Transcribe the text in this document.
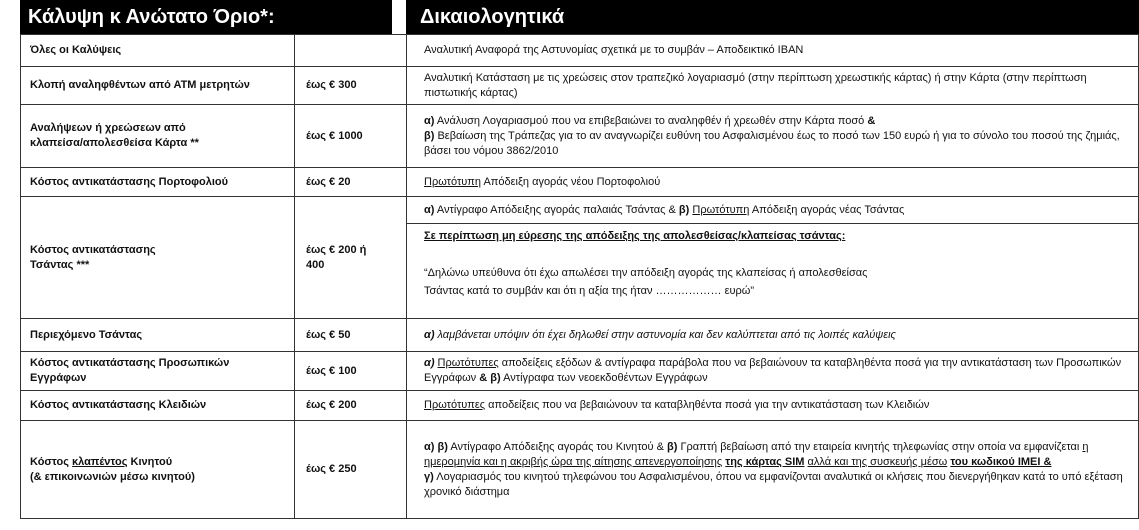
Κάλυψη κ Ανώτατο Όριο*:	Δικαιολογητικά
Όλες οι Καλύψεις		Αναλυτική Αναφορά της Αστυνομίας σχετικά με το συμβάν – Αποδεικτικό IBAN
Κλοπή αναληφθέντων από ΑΤΜ μετρητών	έως € 300	Αναλυτική Κατάσταση με τις χρεώσεις στον τραπεζικό λογαριασμό (στην περίπτωση χρεωστικής κάρτας) ή στην Κάρτα (στην περίπτωση πιστωτικής κάρτας)
Αναλήψεων ή χρεώσεων από κλαπείσα/απολεσθείσα Κάρτα **	έως € 1000	α) Ανάλυση Λογαριασμού που να επιβεβαιώνει το αναληφθέν ή χρεωθέν στην Κάρτα ποσό &
β) Βεβαίωση της Τράπεζας για το αν αναγνωρίζει ευθύνη του Ασφαλισμένου έως το ποσό των 150 ευρώ ή για το σύνολο του ποσού της ζημιάς, βάσει του νόμου 3862/2010
Κόστος αντικατάστασης Πορτοφολιού	έως € 20	Πρωτότυπη Απόδειξη αγοράς νέου Πορτοφολιού
Κόστος αντικατάστασης Τσάντας ***	έως € 200 ή 400	α) Αντίγραφο Απόδειξης αγοράς παλαιάς Τσάντας & β) Πρωτότυπη Απόδειξη αγοράς νέας Τσάντας
Σε περίπτωση μη εύρεσης της απόδειξης της απολεσθείσας/κλαπείσας τσάντας:
“Δηλώνω υπεύθυνα ότι έχω απωλέσει την απόδειξη αγοράς της κλαπείσας ή απολεσθείσας
Τσάντας κατά το συμβάν και ότι η αξία της ήταν ……………… ευρώ”

Περιεχόμενο Τσάντας	έως € 50	α) λαμβάνεται υπόψιν ότι έχει δηλωθεί στην αστυνομία και δεν καλύπτεται από τις λοιπές καλύψεις
Κόστος αντικατάστασης Προσωπικών Εγγράφων	έως € 100	α) Πρωτότυπες αποδείξεις εξόδων & αντίγραφα παράβολα που να βεβαιώνουν τα καταβληθέντα ποσά για την αντικατάσταση των Προσωπικών Εγγράφων & β) Αντίγραφα των νεοεκδοθέντων Εγγράφων
Κόστος αντικατάστασης Κλειδιών	έως € 200	Πρωτότυπες αποδείξεις που να βεβαιώνουν τα καταβληθέντα ποσά για την αντικατάσταση των Κλειδιών
Κόστος κλαπέντος Κινητού
(& επικοινωνιών μέσω κινητού)	έως € 250	α) β) Αντίγραφο Απόδειξης αγοράς του Κινητού & β) Γραπτή βεβαίωση από την εταιρεία κινητής τηλεφωνίας στην οποία να εμφανίζεται η ημερομηνία και η ακριβής ώρα της αίτησης απενεργοποίησης της κάρτας SIM αλλά και της συσκευής μέσω του κωδικού IMEI &
γ) Λογαριασμός του κινητού τηλεφώνου του Ασφαλισμένου, όπου να εμφανίζονται αναλυτικά οι κλήσεις που διενεργήθηκαν κατά το υπό εξέταση χρονικό διάστημα
